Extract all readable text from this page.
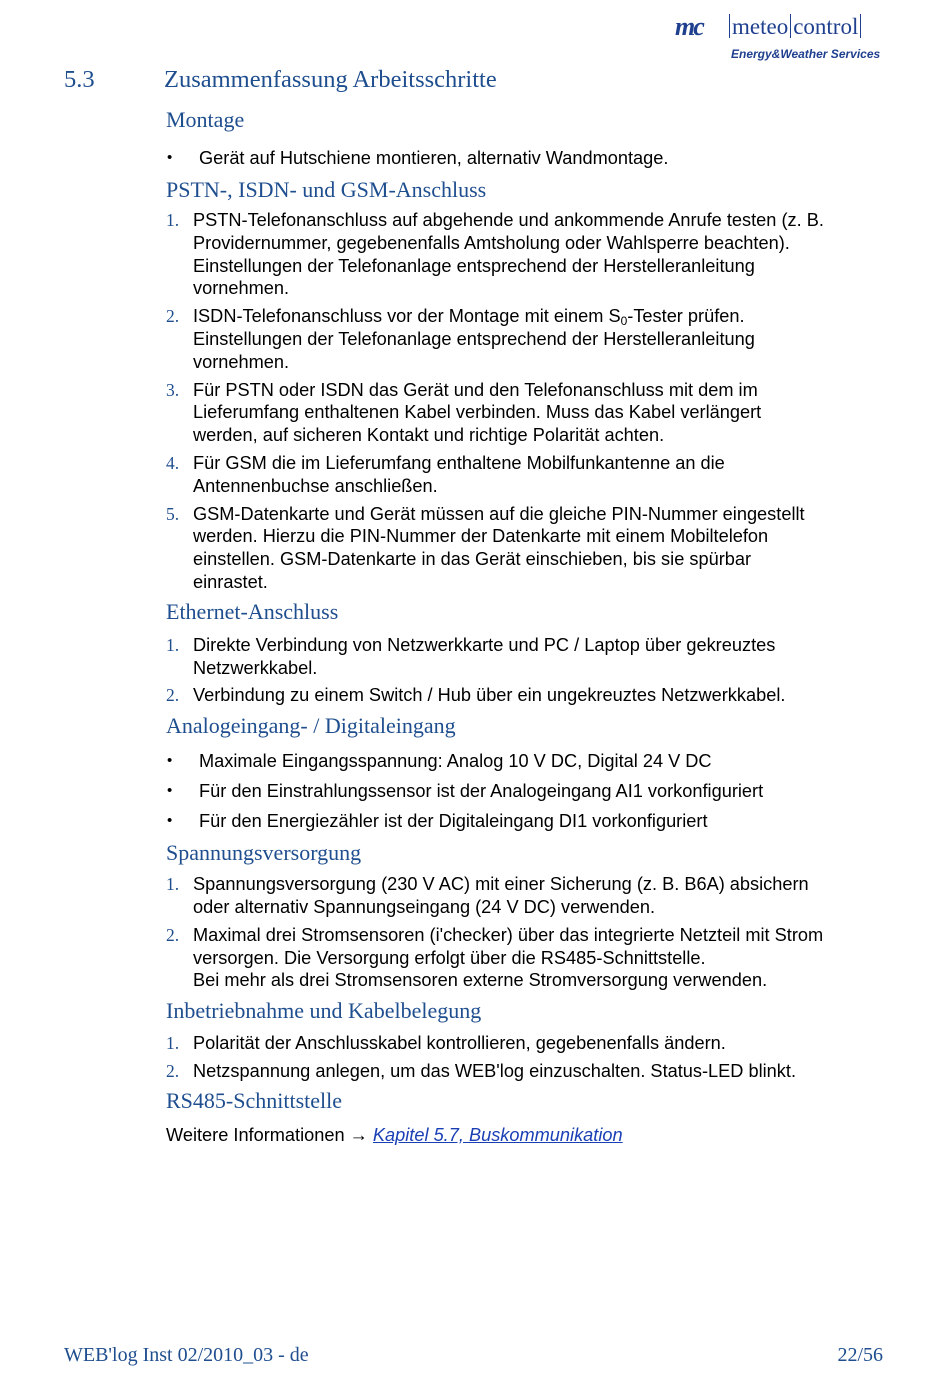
mc meteo control
Energy&Weather Services
5.3	Zusammenfassung Arbeitsschritte
Montage
• Gerät auf Hutschiene montieren, alternativ Wandmontage.
PSTN-, ISDN- und GSM-Anschluss
1. PSTN-Telefonanschluss auf abgehende und ankommende Anrufe testen (z. B.
Providernummer, gegebenenfalls Amtsholung oder Wahlsperre beachten).
Einstellungen der Telefonanlage entsprechend der Herstelleranleitung
vornehmen.
2. ISDN-Telefonanschluss vor der Montage mit einem $S_0$-Tester prüfen.
Einstellungen der Telefonanlage entsprechend der Herstelleranleitung
vornehmen.
3. Für PSTN oder ISDN das Gerät und den Telefonanschluss mit dem im
Lieferumfang enthaltenen Kabel verbinden. Muss das Kabel verlängert
werden, auf sicheren Kontakt und richtige Polarität achten.
4. Für GSM die im Lieferumfang enthaltene Mobilfunkantenne an die
Antennenbuchse anschließen.
5. GSM-Datenkarte und Gerät müssen auf die gleiche PIN-Nummer eingestellt
werden. Hierzu die PIN-Nummer der Datenkarte mit einem Mobiltelefon
einstellen. GSM-Datenkarte in das Gerät einschieben, bis sie spürbar
einrastet.
Ethernet-Anschluss
1. Direkte Verbindung von Netzwerkkarte und PC / Laptop über gekreuztes
Netzwerkkabel.
2. Verbindung zu einem Switch / Hub über ein ungekreuztes Netzwerkkabel.
Analogeingang- / Digitaleingang
• Maximale Eingangsspannung: Analog 10 V DC, Digital 24 V DC
• Für den Einstrahlungssensor ist der Analogeingang AI1 vorkonfiguriert
• Für den Energiezähler ist der Digitaleingang DI1 vorkonfiguriert
Spannungsversorgung
1. Spannungsversorgung (230 V AC) mit einer Sicherung (z. B. B6A) absichern
oder alternativ Spannungseingang (24 V DC) verwenden.
2. Maximal drei Stromsensoren (i'checker) über das integrierte Netzteil mit Strom
versorgen. Die Versorgung erfolgt über die RS485-Schnittstelle.
Bei mehr als drei Stromsensoren externe Stromversorgung verwenden.
Inbetriebnahme und Kabelbelegung
1. Polarität der Anschlusskabel kontrollieren, gegebenenfalls ändern.
2. Netzspannung anlegen, um das WEB'log einzuschalten. Status-LED blinkt.
RS485-Schnittstelle

Weitere Informationen → Kapitel 5.7, Buskommunikation

WEB'log Inst 02/2010_03 - de	22/56
